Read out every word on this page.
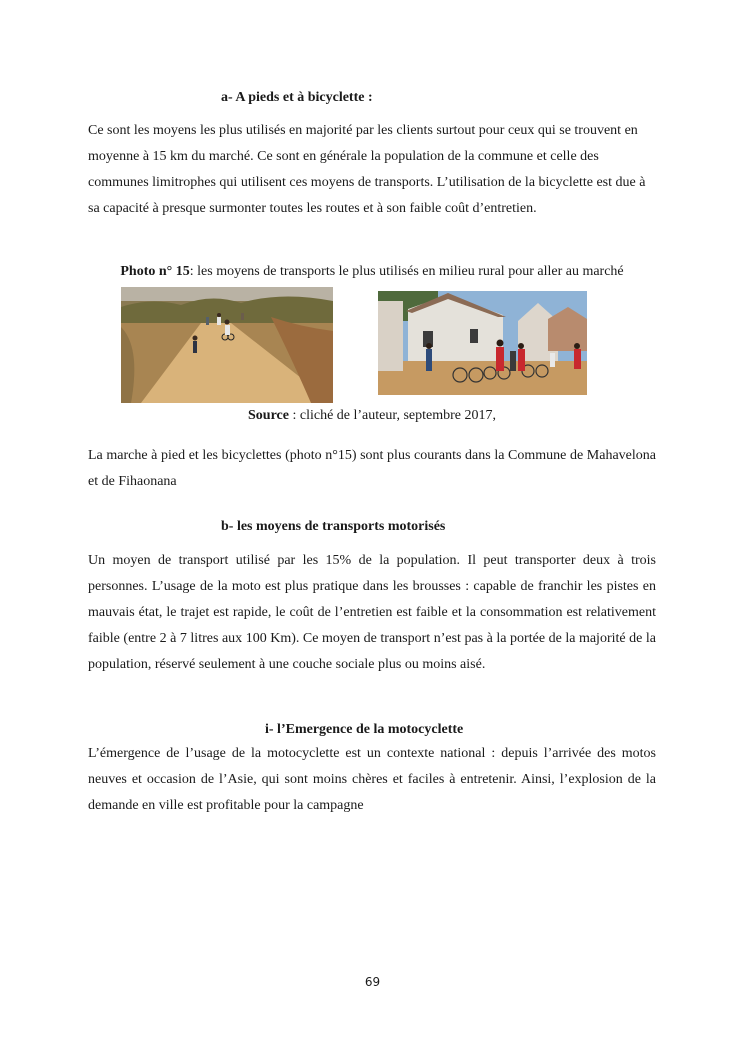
a- A pieds et à bicyclette :

Ce sont les moyens les plus utilisés en majorité par les clients surtout pour ceux qui se trouvent en moyenne à 15 km du marché. Ce sont en générale la population de la commune et celle des communes limitrophes qui utilisent ces moyens de transports. L’utilisation de la bicyclette est due à sa capacité à presque surmonter toutes les routes et à son faible coût d’entretien.

Photo n° 15: les moyens de transports le plus utilisés en milieu rural pour aller au marché
Source : cliché de l’auteur, septembre 2017,

La marche à pied et les bicyclettes (photo n°15) sont plus courants dans la Commune de Mahavelona et de Fihaonana

b- les moyens de transports motorisés

Un moyen de transport utilisé par les 15% de la population. Il peut transporter deux à trois personnes. L’usage de la moto est plus pratique dans les brousses : capable de franchir les pistes en mauvais état, le trajet est rapide, le coût de l’entretien est faible et la consommation est relativement faible (entre 2 à 7 litres aux 100 Km). Ce moyen de transport n’est pas à la portée de la majorité de la population, réservé seulement à une couche sociale plus ou moins aisé.

i- l’Emergence de la motocyclette

L’émergence de l’usage de la motocyclette est un contexte national : depuis l’arrivée des motos neuves et occasion de l’Asie, qui sont moins chères et faciles à entretenir. Ainsi, l’explosion de la demande en ville est profitable pour la campagne

69
